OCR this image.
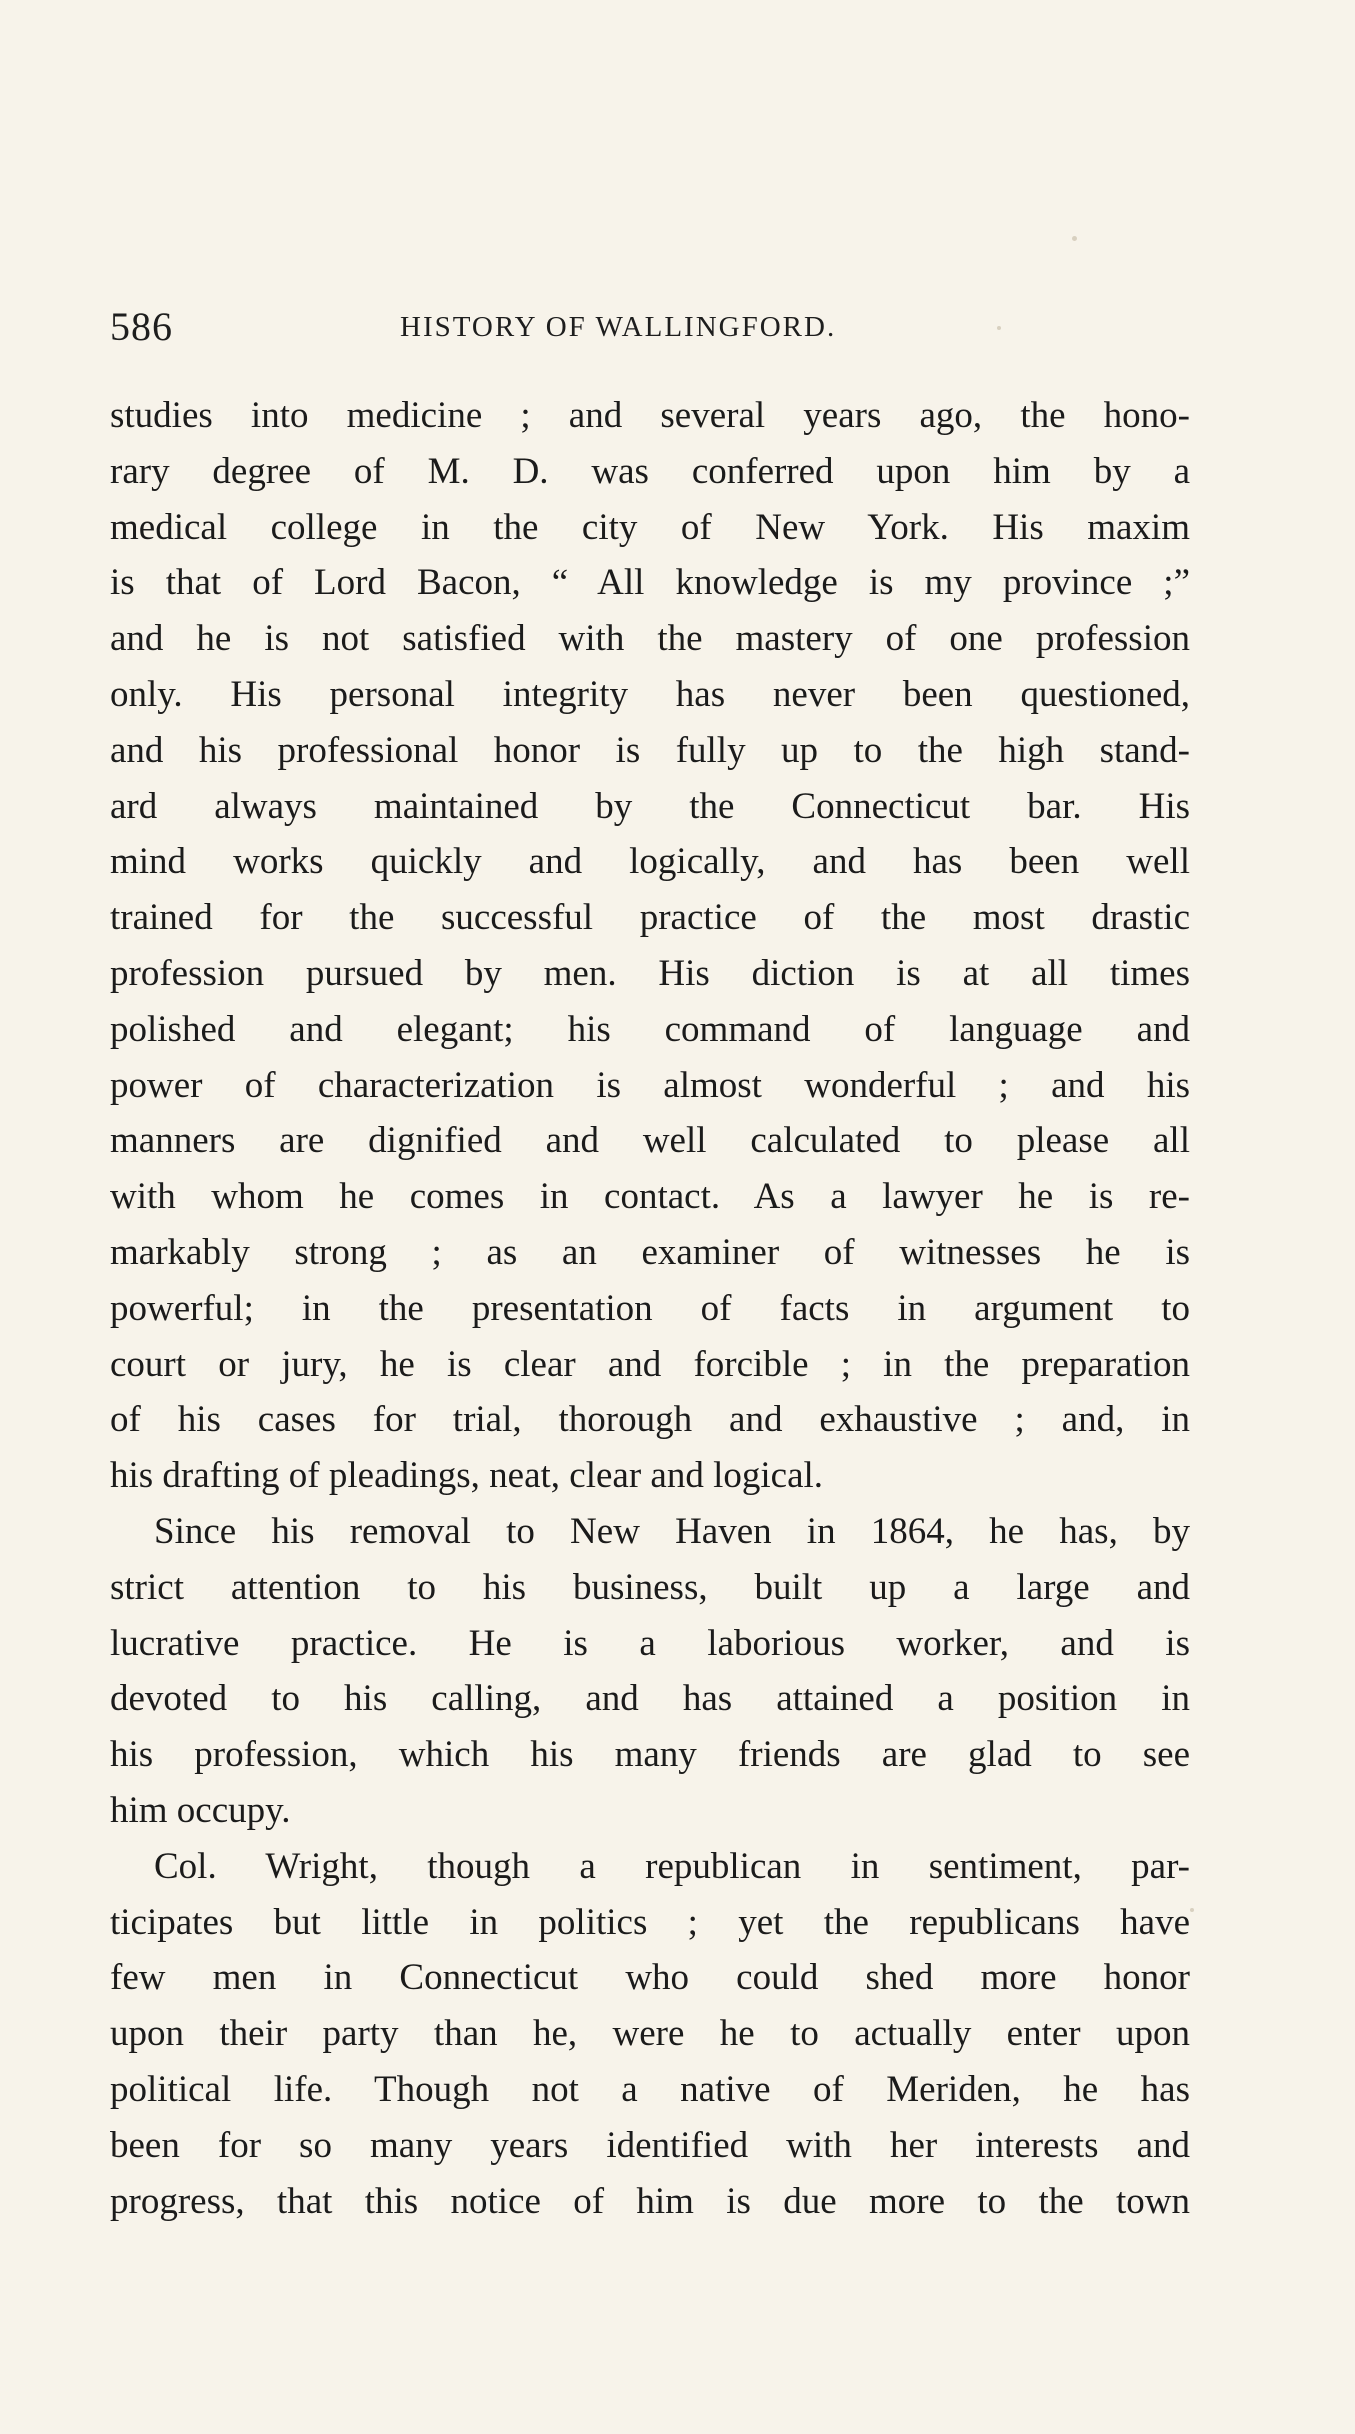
586	HISTORY OF WALLINGFORD.
studies into medicine ; and several years ago, the hono-
rary degree of M. D. was conferred upon him by a
medical college in the city of New York. His maxim
is that of Lord Bacon, “ All knowledge is my province ;”
and he is not satisfied with the mastery of one profession
only. His personal integrity has never been questioned,
and his professional honor is fully up to the high stand-
ard always maintained by the Connecticut bar. His
mind works quickly and logically, and has been well
trained for the successful practice of the most drastic
profession pursued by men. His diction is at all times
polished and elegant; his command of language and
power of characterization is almost wonderful ; and his
manners are dignified and well calculated to please all
with whom he comes in contact. As a lawyer he is re-
markably strong ; as an examiner of witnesses he is
powerful; in the presentation of facts in argument to
court or jury, he is clear and forcible ; in the preparation
of his cases for trial, thorough and exhaustive ; and, in
his drafting of pleadings, neat, clear and logical.
Since his removal to New Haven in 1864, he has, by
strict attention to his business, built up a large and
lucrative practice. He is a laborious worker, and is
devoted to his calling, and has attained a position in
his profession, which his many friends are glad to see
him occupy.
Col. Wright, though a republican in sentiment, par-
ticipates but little in politics ; yet the republicans have
few men in Connecticut who could shed more honor
upon their party than he, were he to actually enter upon
political life. Though not a native of Meriden, he has
been for so many years identified with her interests and
progress, that this notice of him is due more to the town
